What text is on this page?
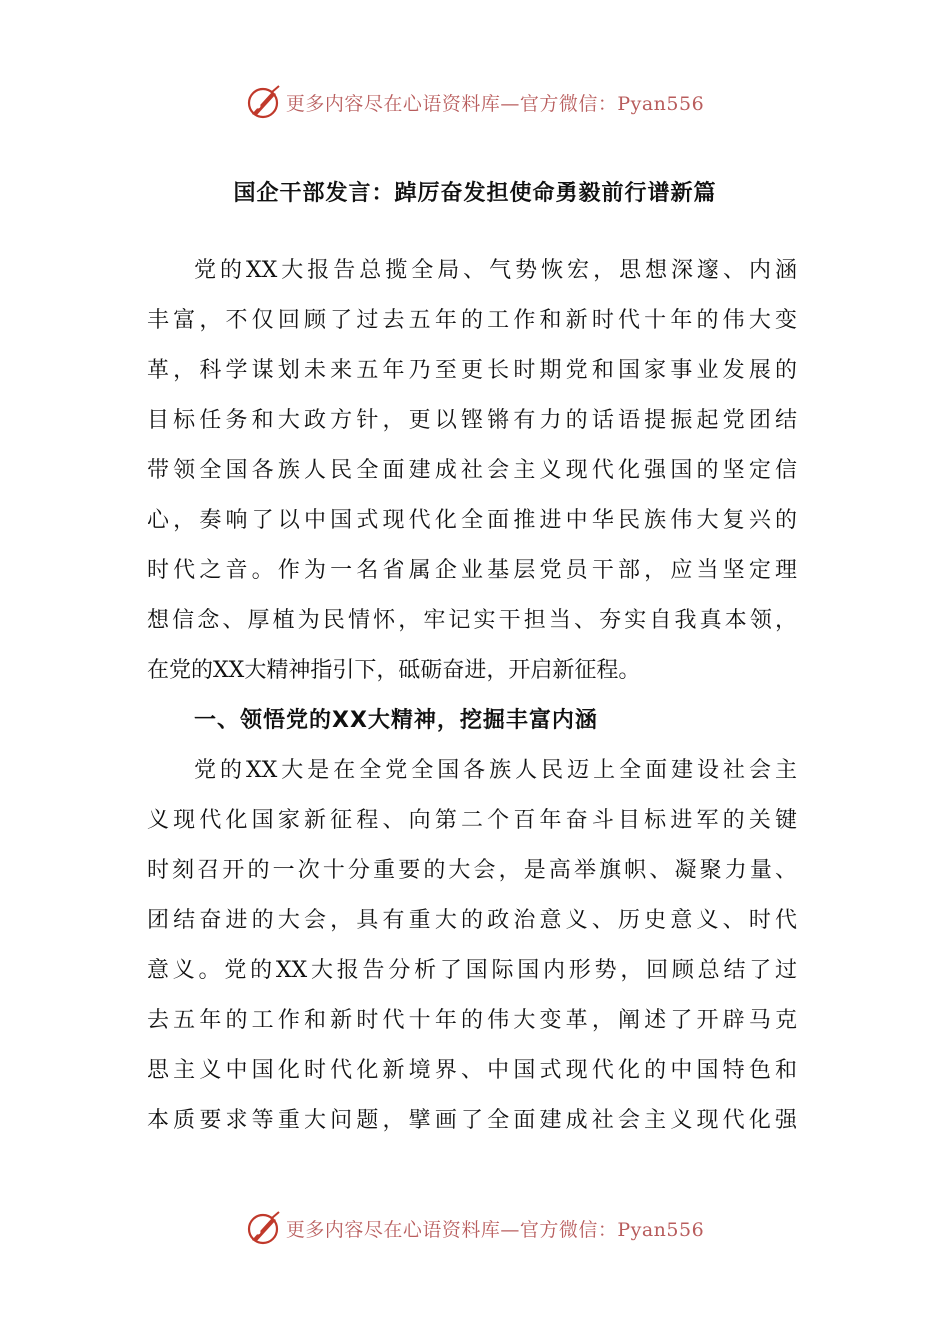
更多内容尽在心语资料库—官方微信：Pyan556
国企干部发言：踔厉奋发担使命勇毅前行谱新篇
党的XX大报告总揽全局、气势恢宏，思想深邃、内涵
丰富，不仅回顾了过去五年的工作和新时代十年的伟大变
革，科学谋划未来五年乃至更长时期党和国家事业发展的
目标任务和大政方针，更以铿锵有力的话语提振起党团结
带领全国各族人民全面建成社会主义现代化强国的坚定信
心，奏响了以中国式现代化全面推进中华民族伟大复兴的
时代之音。作为一名省属企业基层党员干部，应当坚定理
想信念、厚植为民情怀，牢记实干担当、夯实自我真本领，
在党的XX大精神指引下，砥砺奋进，开启新征程。
一、领悟党的XX大精神，挖掘丰富内涵
党的XX大是在全党全国各族人民迈上全面建设社会主
义现代化国家新征程、向第二个百年奋斗目标进军的关键
时刻召开的一次十分重要的大会，是高举旗帜、凝聚力量、
团结奋进的大会，具有重大的政治意义、历史意义、时代
意义。党的XX大报告分析了国际国内形势，回顾总结了过
去五年的工作和新时代十年的伟大变革，阐述了开辟马克
思主义中国化时代化新境界、中国式现代化的中国特色和
本质要求等重大问题，擘画了全面建成社会主义现代化强
更多内容尽在心语资料库—官方微信：Pyan556
